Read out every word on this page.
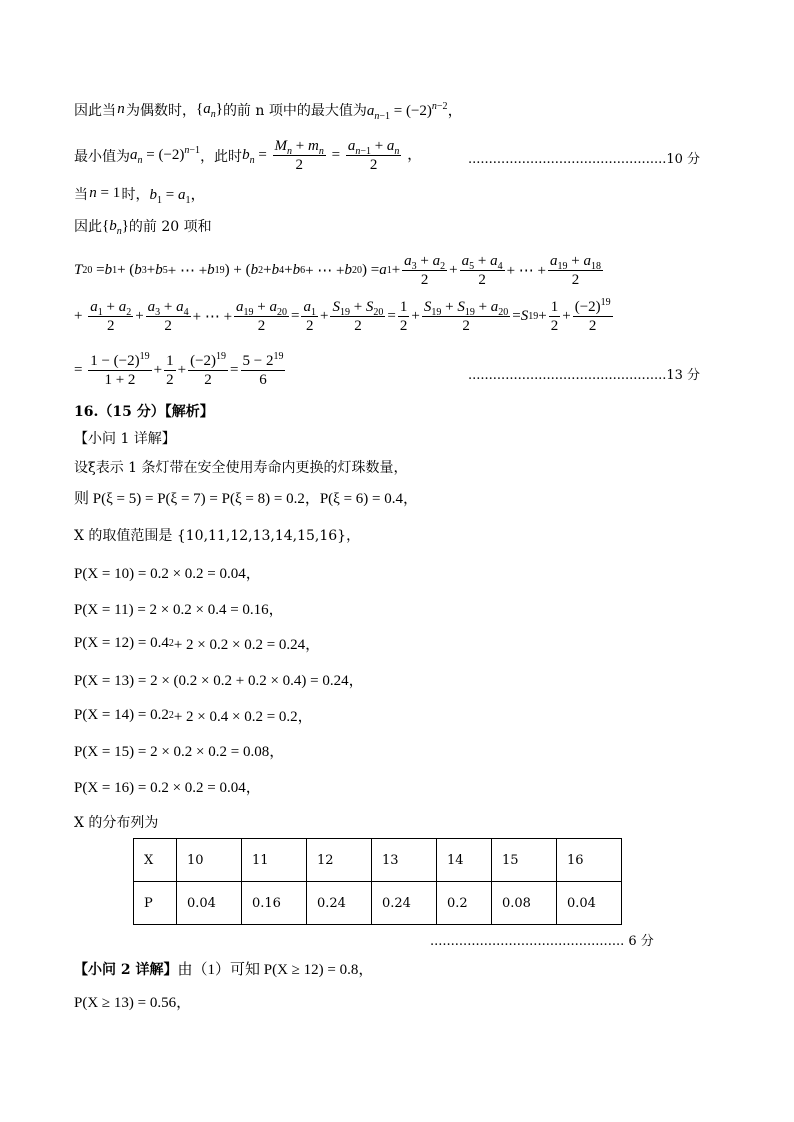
因此当
  n  为偶数时， $\{a_n\}$ 的前 n 项中的最大值为 $a_{n-1} = (-2)^{n-2}$，
最小值为 $a_n = (-2)^{n-1}$ ，此时 $b_n = \frac{M_n + m_n}{2} = \frac{a_{n-1} + a_n}{2}$ ，	................................................10 分
当
  n = 1  时， $b_1 = a_1$，
因此 $\{b_n\}$ 的前 20 项和
T 20 = b 1 + ( b 3 + b 5 + ⋯ + b 19 ) + ( b 2 + b 4 + b 6 + ⋯ + b 20 ) = a $1 + \frac{a_3 + a_2}{2} + \frac{a_5 + a_4}{2}$ + ⋯ + $\frac{a_{19} + a_{18}}{2}$
+ $\frac{a_1 + a_2}{2} + \frac{a_3 + a_4}{2}$ + ⋯ + $\frac{a_{19} + a_{20}}{2} = \frac{a_1}{2} + \frac{S_{19} + S_{20}}{2} = \frac{1}{2} + \frac{S_{19} + S_{19} + a_{20}}{2} = S$ $19 + \frac{1}{2} + \frac{(-2)^{19}}{2}$
= $\frac{1 - (-2)^{19}}{1 + 2} + \frac{1}{2} + \frac{(-2)^{19}}{2} = \frac{5 - 2^{19}}{6}$	................................................13 分
16.（15 分）【解析】
【小问 1 详解】
设ξ表示 1 条灯带在安全使用寿命内更换的灯珠数量，
则 P(ξ = 5) = P(ξ = 7) = P(ξ = 8) = 0.2，P(ξ = 6) = 0.4，
X 的取值范围是 {10,11,12,13,14,15,16}，
P(X = 10) = 0.2 × 0.2 = 0.04，
P(X = 11) = 2 × 0.2 × 0.4 = 0.16，
P(X = 12) = 0.4 2 + 2 × 0.2 × 0.2 = 0.24，
P(X = 13) = 2 × (0.2 × 0.2 + 0.2 × 0.4) = 0.24，
P(X = 14) = 0.2 2 + 2 × 0.4 × 0.2 = 0.2，
P(X = 15) = 2 × 0.2 × 0.2 = 0.08，
P(X = 16) = 0.2 × 0.2 = 0.04，
X 的分布列为
X	10	11	12	13	14	15	16
P	0.04	0.16	0.24	0.24	0.2	0.08	0.04
............................................... 6 分
【小问 2 详解】 由（1）可知 P(X ≥ 12) = 0.8，
P(X ≥ 13) = 0.56，
